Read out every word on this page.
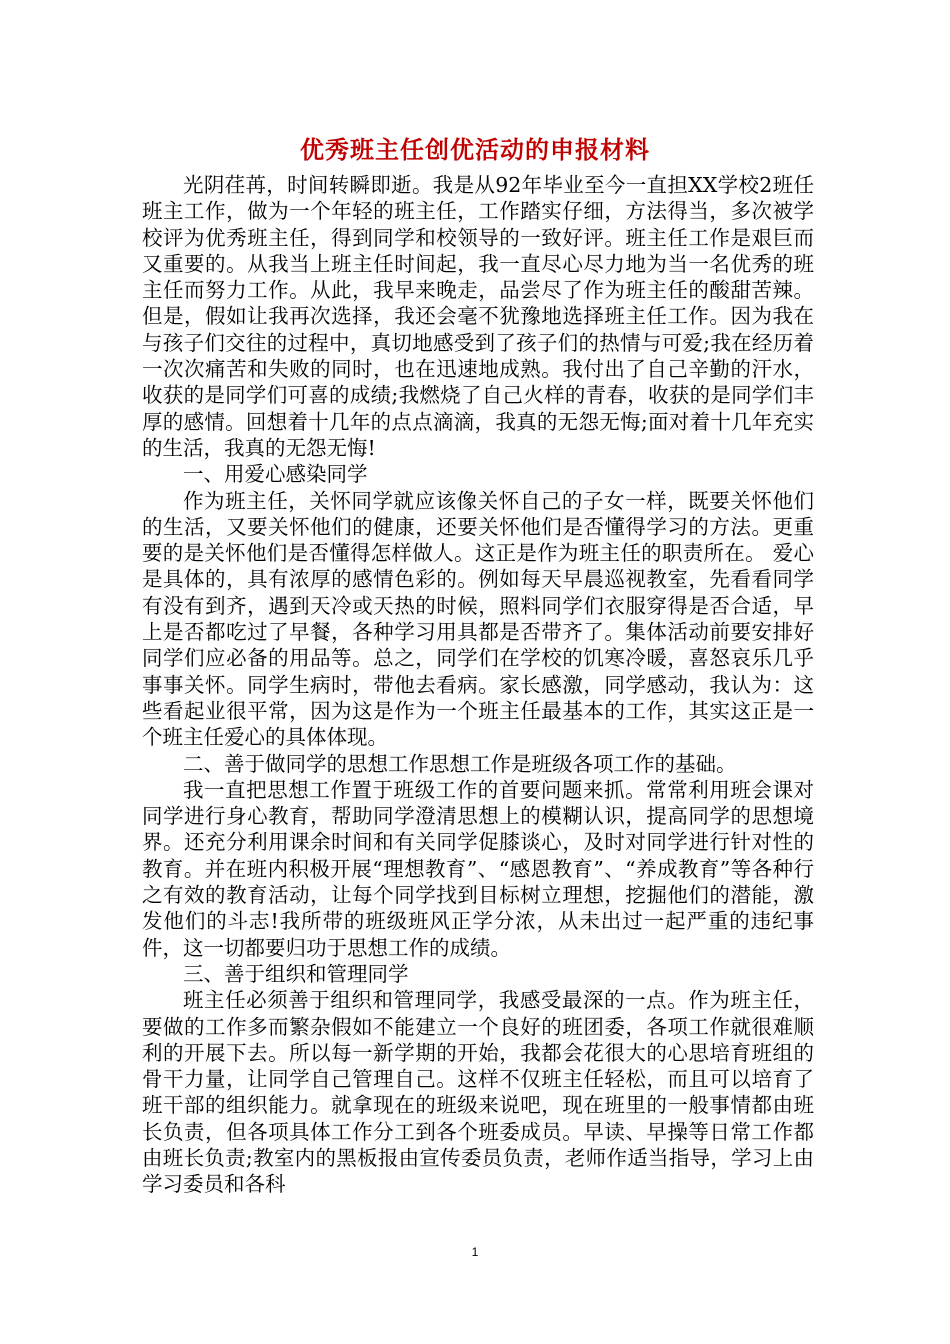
优秀班主任创优活动的申报材料

光阴荏苒，时间转瞬即逝。我是从92年毕业至今一直担XX学校2班任班主工作，做为一个年轻的班主任，工作踏实仔细，方法得当，多次被学校评为优秀班主任，得到同学和校领导的一致好评。班主任工作是艰巨而又重要的。从我当上班主任时间起，我一直尽心尽力地为当一名优秀的班主任而努力工作。从此，我早来晚走，品尝尽了作为班主任的酸甜苦辣。但是，假如让我再次选择，我还会毫不犹豫地选择班主任工作。因为我在与孩子们交往的过程中，真切地感受到了孩子们的热情与可爱;我在经历着一次次痛苦和失败的同时，也在迅速地成熟。我付出了自己辛勤的汗水，收获的是同学们可喜的成绩;我燃烧了自己火样的青春，收获的是同学们丰厚的感情。回想着十几年的点点滴滴，我真的无怨无悔;面对着十几年充实的生活，我真的无怨无悔!

一、用爱心感染同学

作为班主任，关怀同学就应该像关怀自己的子女一样，既要关怀他们的生活，又要关怀他们的健康，还要关怀他们是否懂得学习的方法。更重要的是关怀他们是否懂得怎样做人。这正是作为班主任的职责所在。 爱心是具体的，具有浓厚的感情色彩的。例如每天早晨巡视教室，先看看同学有没有到齐，遇到天冷或天热的时候，照料同学们衣服穿得是否合适，早上是否都吃过了早餐，各种学习用具都是否带齐了。集体活动前要安排好同学们应必备的用品等。总之，同学们在学校的饥寒冷暖，喜怒哀乐几乎事事关怀。同学生病时，带他去看病。家长感激，同学感动，我认为：这些看起业很平常，因为这是作为一个班主任最基本的工作，其实这正是一个班主任爱心的具体体现。

二、善于做同学的思想工作思想工作是班级各项工作的基础。

我一直把思想工作置于班级工作的首要问题来抓。常常利用班会课对同学进行身心教育，帮助同学澄清思想上的模糊认识，提高同学的思想境界。还充分利用课余时间和有关同学促膝谈心，及时对同学进行针对性的教育。并在班内积极开展“理想教育”、“感恩教育”、“养成教育”等各种行之有效的教育活动，让每个同学找到目标树立理想，挖掘他们的潜能，激发他们的斗志!我所带的班级班风正学分浓，从未出过一起严重的违纪事件，这一切都要归功于思想工作的成绩。

三、善于组织和管理同学

班主任必须善于组织和管理同学，我感受最深的一点。作为班主任，要做的工作多而繁杂假如不能建立一个良好的班团委，各项工作就很难顺利的开展下去。所以每一新学期的开始，我都会花很大的心思培育班组的骨干力量，让同学自己管理自己。这样不仅班主任轻松，而且可以培育了班干部的组织能力。就拿现在的班级来说吧，现在班里的一般事情都由班长负责，但各项具体工作分工到各个班委成员。早读、早操等日常工作都由班长负责;教室内的黑板报由宣传委员负责，老师作适当指导，学习上由学习委员和各科

1
